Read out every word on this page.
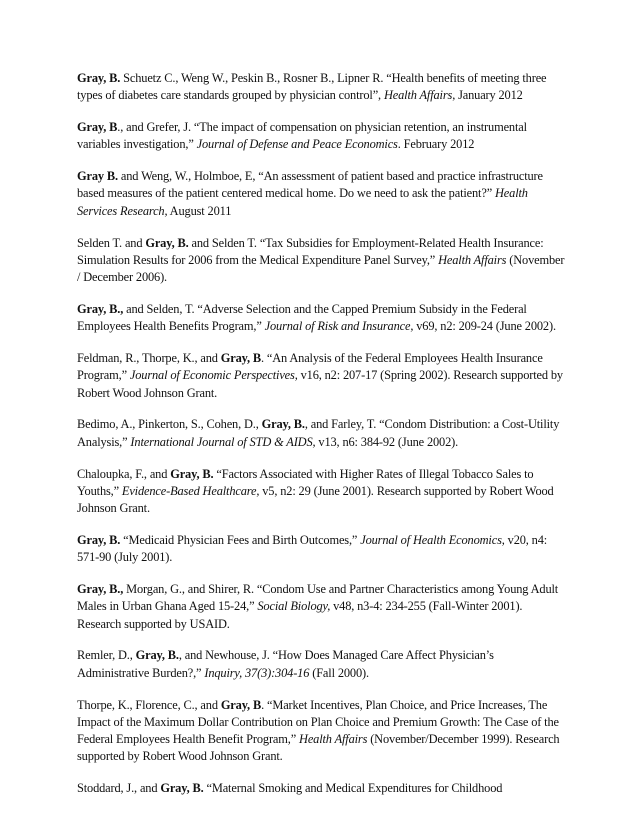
Gray, B. Schuetz C., Weng W., Peskin B., Rosner B., Lipner R. “Health benefits of meeting three types of diabetes care standards grouped by physician control”, Health Affairs, January 2012

Gray, B., and Grefer, J. “The impact of compensation on physician retention, an instrumental variables investigation,” Journal of Defense and Peace Economics. February 2012

Gray B. and Weng, W., Holmboe, E, “An assessment of patient based and practice infrastructure based measures of the patient centered medical home. Do we need to ask the patient?” Health Services Research, August 2011

Selden T. and Gray, B. and Selden T. “Tax Subsidies for Employment-Related Health Insurance: Simulation Results for 2006 from the Medical Expenditure Panel Survey,” Health Affairs (November / December 2006).

Gray, B., and Selden, T. “Adverse Selection and the Capped Premium Subsidy in the Federal Employees Health Benefits Program,” Journal of Risk and Insurance, v69, n2: 209-24 (June 2002).

Feldman, R., Thorpe, K., and Gray, B. “An Analysis of the Federal Employees Health Insurance Program,” Journal of Economic Perspectives, v16, n2: 207-17 (Spring 2002). Research supported by Robert Wood Johnson Grant.

Bedimo, A., Pinkerton, S., Cohen, D., Gray, B., and Farley, T. “Condom Distribution: a Cost-Utility Analysis,” International Journal of STD & AIDS, v13, n6: 384-92 (June 2002).

Chaloupka, F., and Gray, B. “Factors Associated with Higher Rates of Illegal Tobacco Sales to Youths,” Evidence-Based Healthcare, v5, n2: 29 (June 2001). Research supported by Robert Wood Johnson Grant.

Gray, B. “Medicaid Physician Fees and Birth Outcomes,” Journal of Health Economics, v20, n4: 571-90 (July 2001).

Gray, B., Morgan, G., and Shirer, R. “Condom Use and Partner Characteristics among Young Adult Males in Urban Ghana Aged 15-24,” Social Biology, v48, n3-4: 234-255 (Fall-Winter 2001). Research supported by USAID.

Remler, D., Gray, B., and Newhouse, J. “How Does Managed Care Affect Physician’s Administrative Burden?,” Inquiry, 37(3):304-16 (Fall 2000).

Thorpe, K., Florence, C., and Gray, B. “Market Incentives, Plan Choice, and Price Increases, The Impact of the Maximum Dollar Contribution on Plan Choice and Premium Growth: The Case of the Federal Employees Health Benefit Program,” Health Affairs (November/December 1999). Research supported by Robert Wood Johnson Grant.

Stoddard, J., and Gray, B. “Maternal Smoking and Medical Expenditures for Childhood
